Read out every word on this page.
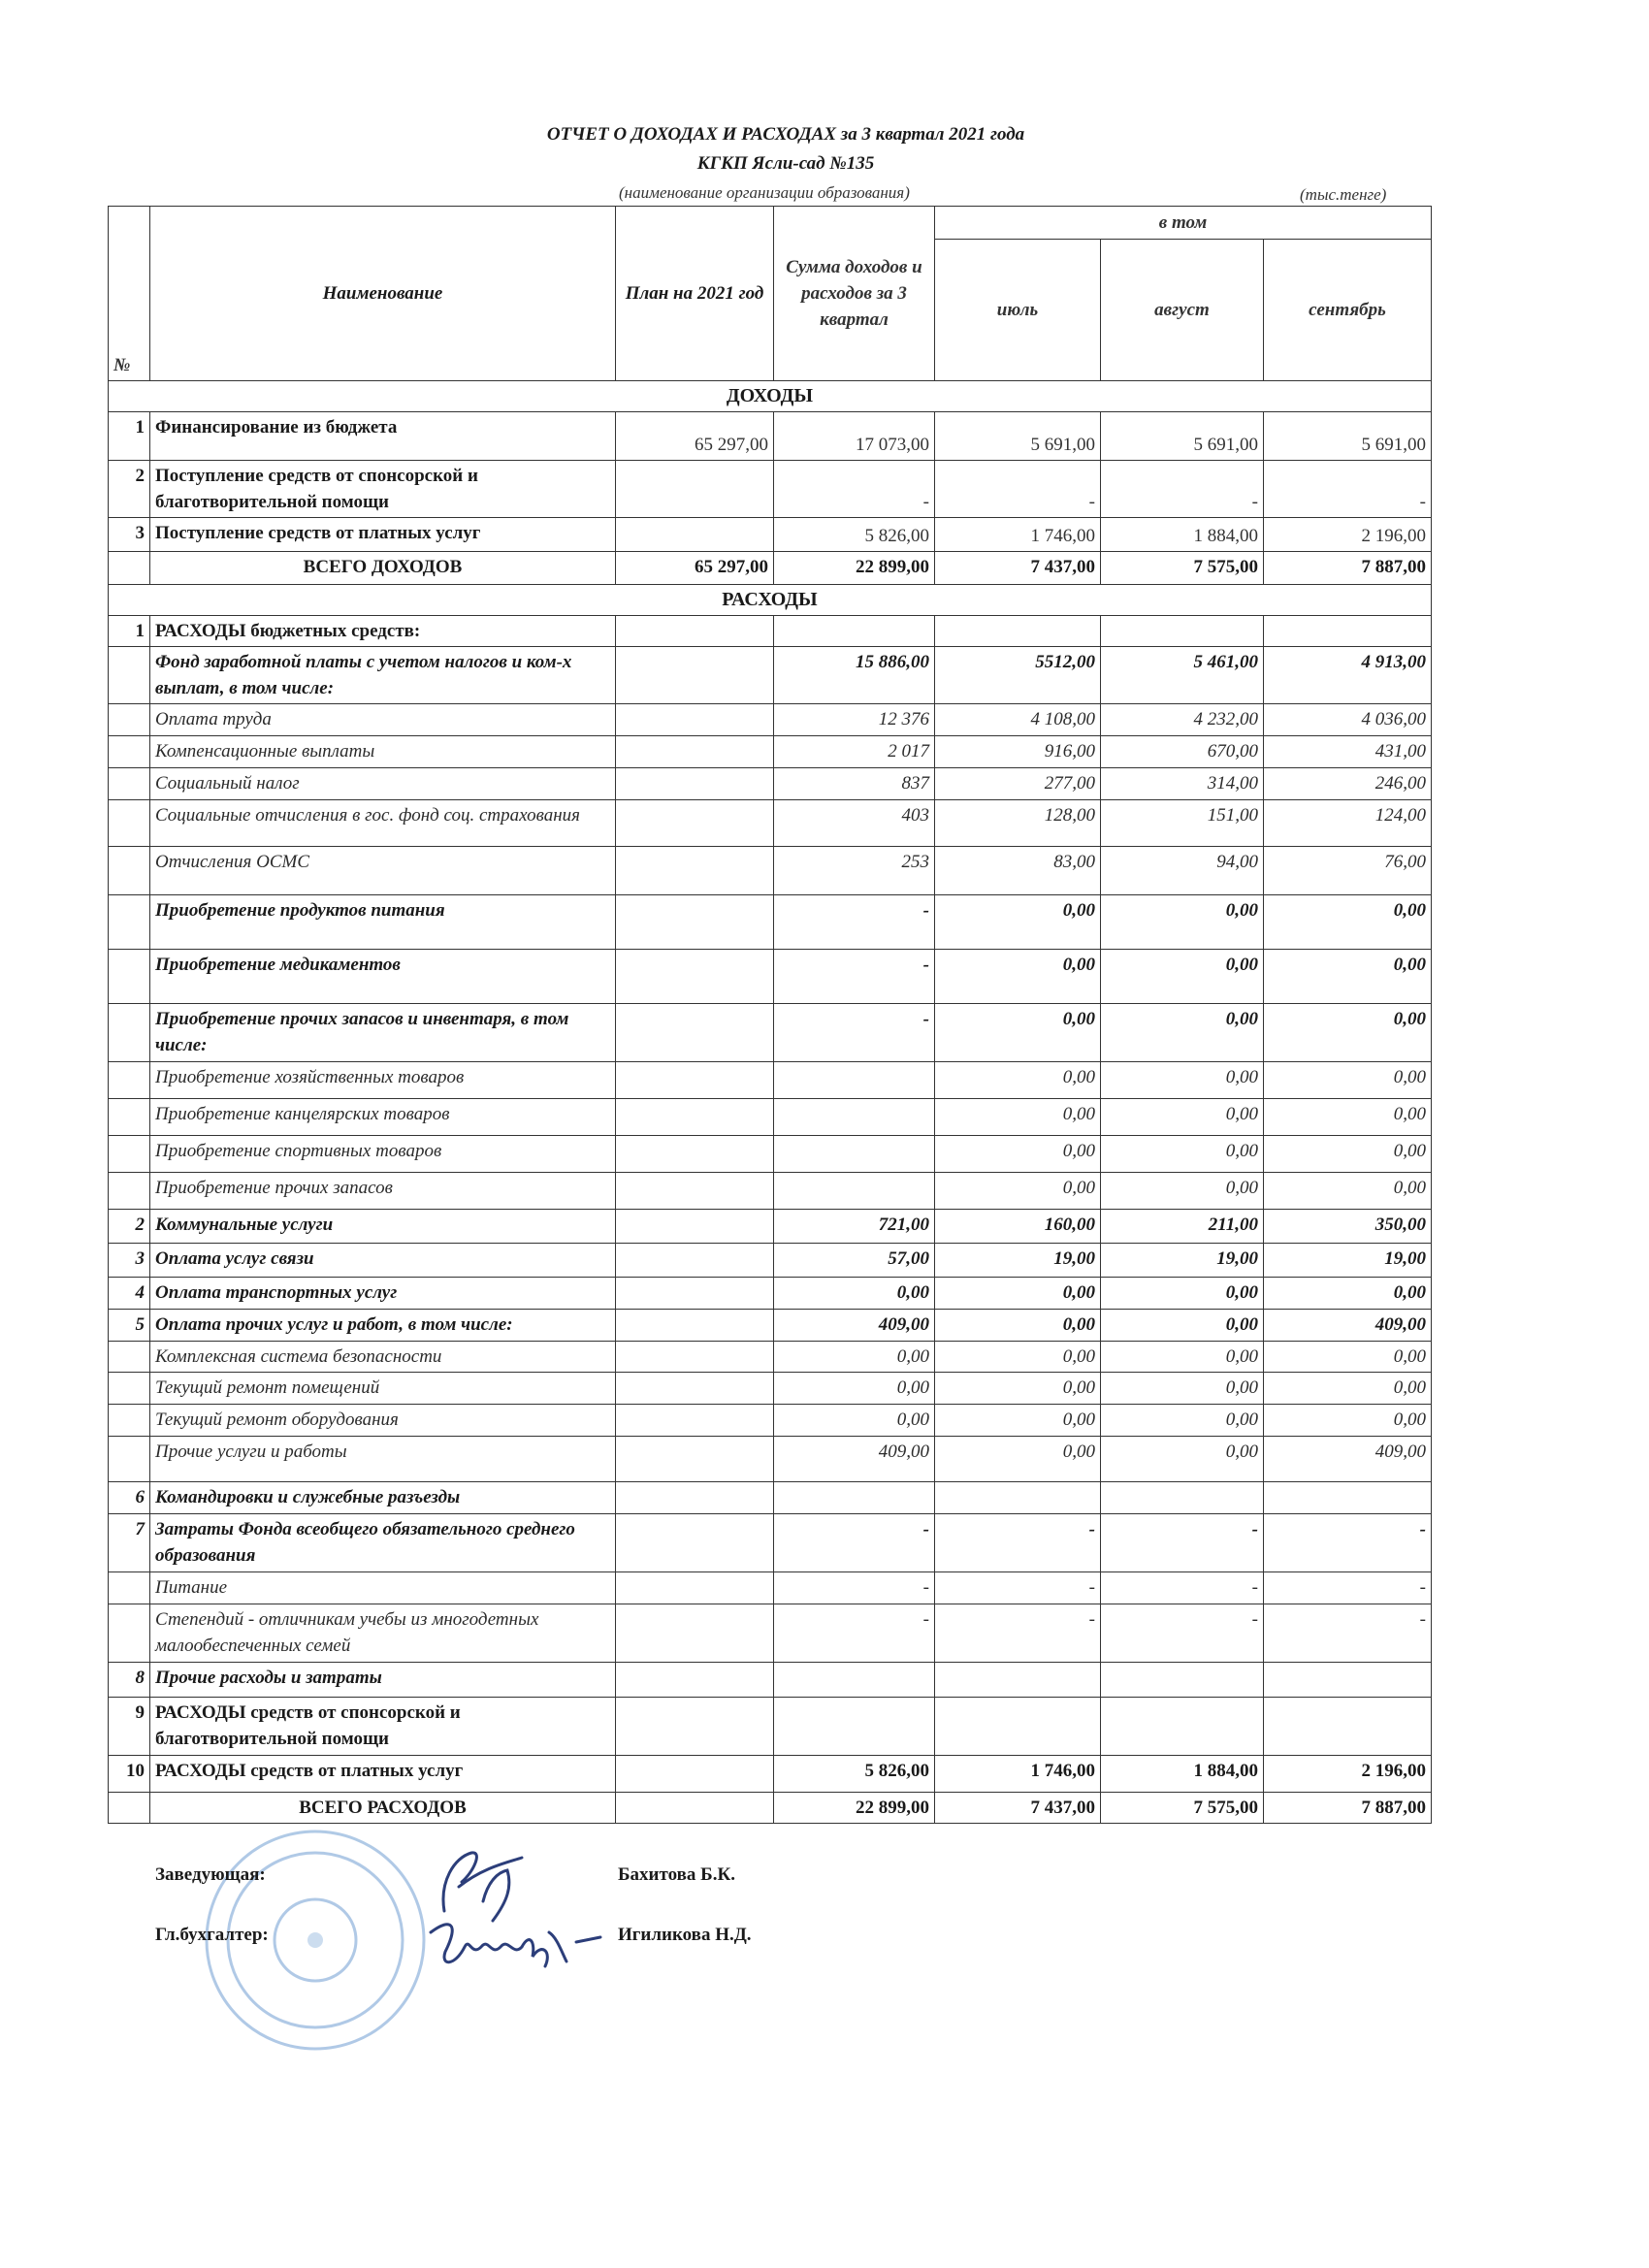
ОТЧЕТ О ДОХОДАХ И РАСХОДАХ за 3 квартал 2021 года
КГКП Ясли-сад №135
(наименование организации образования)	(тыс.тенге)
№	Наименование	План на 2021 год	Сумма доходов и расходов за 3 квартал	в том		
				июль	август	сентябрь
ДОХОДЫ						
1	Финансирование из бюджета	65 297,00	17 073,00	5 691,00	5 691,00	5 691,00
2	Поступление средств от спонсорской и благотворительной помощи		-	-	-	-
3	Поступление средств от платных услуг		5 826,00	1 746,00	1 884,00	2 196,00
	ВСЕГО ДОХОДОВ	65 297,00	22 899,00	7 437,00	7 575,00	7 887,00
РАСХОДЫ						
1	РАСХОДЫ бюджетных средств:					
	Фонд заработной платы с учетом налогов и ком-х выплат, в том числе:		15 886,00	5512,00	5 461,00	4 913,00
	Оплата труда		12 376	4 108,00	4 232,00	4 036,00
	Компенсационные выплаты		2 017	916,00	670,00	431,00
	Социальный налог		837	277,00	314,00	246,00
	Социальные отчисления в гос. фонд соц. страхования		403	128,00	151,00	124,00
	Отчисления ОСМС		253	83,00	94,00	76,00
	Приобретение продуктов питания		-	0,00	0,00	0,00
	Приобретение медикаментов		-	0,00	0,00	0,00
	Приобретение прочих запасов и инвентаря, в том числе:		-	0,00	0,00	0,00
	Приобретение хозяйственных товаров			0,00	0,00	0,00
	Приобретение канцелярских товаров			0,00	0,00	0,00
	Приобретение спортивных товаров			0,00	0,00	0,00
	Приобретение прочих запасов			0,00	0,00	0,00
2	Коммунальные услуги		721,00	160,00	211,00	350,00
3	Оплата услуг связи		57,00	19,00	19,00	19,00
4	Оплата транспортных услуг		0,00	0,00	0,00	0,00
5	Оплата прочих услуг и работ, в том числе:		409,00	0,00	0,00	409,00
	Комплексная система безопасности		0,00	0,00	0,00	0,00
	Текущий ремонт помещений		0,00	0,00	0,00	0,00
	Текущий ремонт оборудования		0,00	0,00	0,00	0,00
	Прочие услуги и работы		409,00	0,00	0,00	409,00
6	Командировки и служебные разъезды					
7	Затраты Фонда всеобщего обязательного среднего образования		-	-	-	-
	Питание		-	-	-	-
	Степендий - отличникам учебы из многодетных малообеспеченных семей		-	-	-	-
8	Прочие расходы и затраты					
9	РАСХОДЫ средств от спонсорской и благотворительной помощи					
10	РАСХОДЫ средств от платных услуг		5 826,00	1 746,00	1 884,00	2 196,00
	ВСЕГО РАСХОДОВ		22 899,00	7 437,00	7 575,00	7 887,00
Заведующая:	Бахитова Б.К.
Гл.бухгалтер:	Игиликова Н.Д.
